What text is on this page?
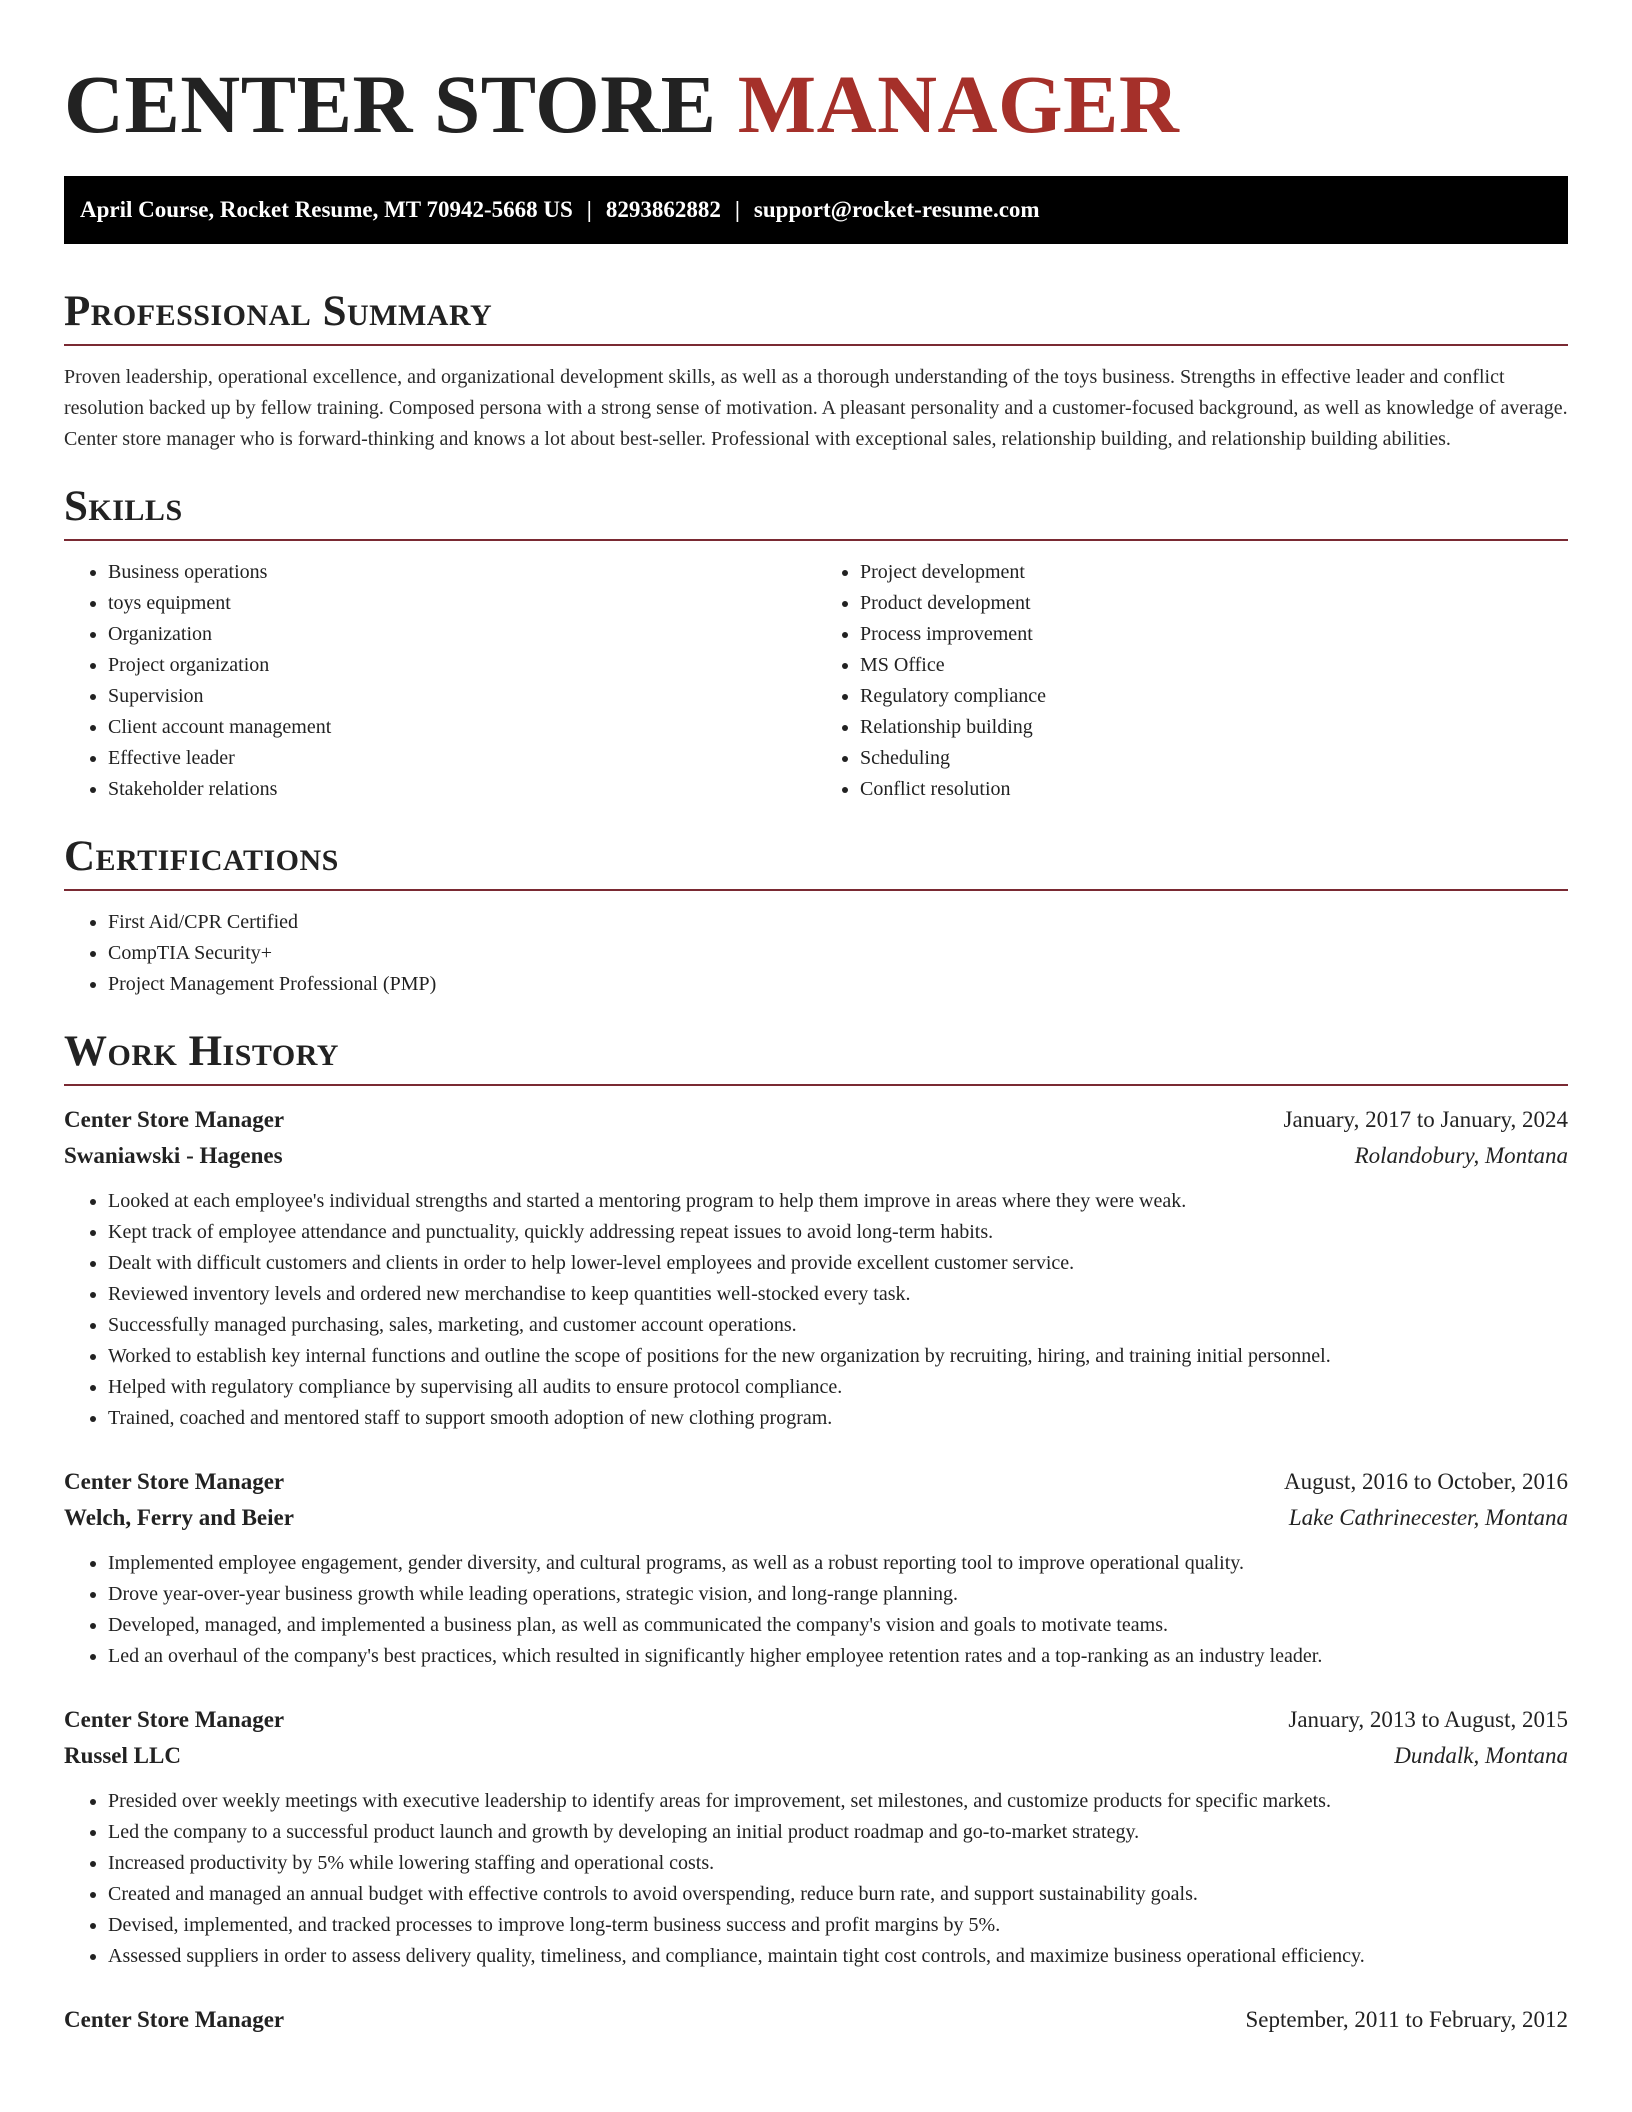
CENTER STORE MANAGER
April Course, Rocket Resume, MT 70942-5668 US | 8293862882 | support@rocket-resume.com
Professional Summary

Proven leadership, operational excellence, and organizational development skills, as well as a thorough understanding of the toys business. Strengths in effective leader and conflict resolution backed up by fellow training. Composed persona with a strong sense of motivation. A pleasant personality and a customer-focused background, as well as knowledge of average. Center store manager who is forward-thinking and knows a lot about best-seller. Professional with exceptional sales, relationship building, and relationship building abilities.

Skills
• Business operations
• toys equipment
• Organization
• Project organization
• Supervision
• Client account management
• Effective leader
• Stakeholder relations
• Project development
• Product development
• Process improvement
• MS Office
• Regulatory compliance
• Relationship building
• Scheduling
• Conflict resolution
Certifications
• First Aid/CPR Certified
• CompTIA Security+
• Project Management Professional (PMP)
Work History
Center Store Manager	January, 2017 to January, 2024
Swaniawski - Hagenes	Rolandobury, Montana
• Looked at each employee's individual strengths and started a mentoring program to help them improve in areas where they were weak.
• Kept track of employee attendance and punctuality, quickly addressing repeat issues to avoid long-term habits.
• Dealt with difficult customers and clients in order to help lower-level employees and provide excellent customer service.
• Reviewed inventory levels and ordered new merchandise to keep quantities well-stocked every task.
• Successfully managed purchasing, sales, marketing, and customer account operations.
• Worked to establish key internal functions and outline the scope of positions for the new organization by recruiting, hiring, and training initial personnel.
• Helped with regulatory compliance by supervising all audits to ensure protocol compliance.
• Trained, coached and mentored staff to support smooth adoption of new clothing program.
Center Store Manager	August, 2016 to October, 2016
Welch, Ferry and Beier	Lake Cathrinecester, Montana
• Implemented employee engagement, gender diversity, and cultural programs, as well as a robust reporting tool to improve operational quality.
• Drove year-over-year business growth while leading operations, strategic vision, and long-range planning.
• Developed, managed, and implemented a business plan, as well as communicated the company's vision and goals to motivate teams.
• Led an overhaul of the company's best practices, which resulted in significantly higher employee retention rates and a top-ranking as an industry leader.
Center Store Manager	January, 2013 to August, 2015
Russel LLC	Dundalk, Montana
• Presided over weekly meetings with executive leadership to identify areas for improvement, set milestones, and customize products for specific markets.
• Led the company to a successful product launch and growth by developing an initial product roadmap and go-to-market strategy.
• Increased productivity by 5% while lowering staffing and operational costs.
• Created and managed an annual budget with effective controls to avoid overspending, reduce burn rate, and support sustainability goals.
• Devised, implemented, and tracked processes to improve long-term business success and profit margins by 5%.
• Assessed suppliers in order to assess delivery quality, timeliness, and compliance, maintain tight cost controls, and maximize business operational efficiency.
Center Store Manager	September, 2011 to February, 2012
